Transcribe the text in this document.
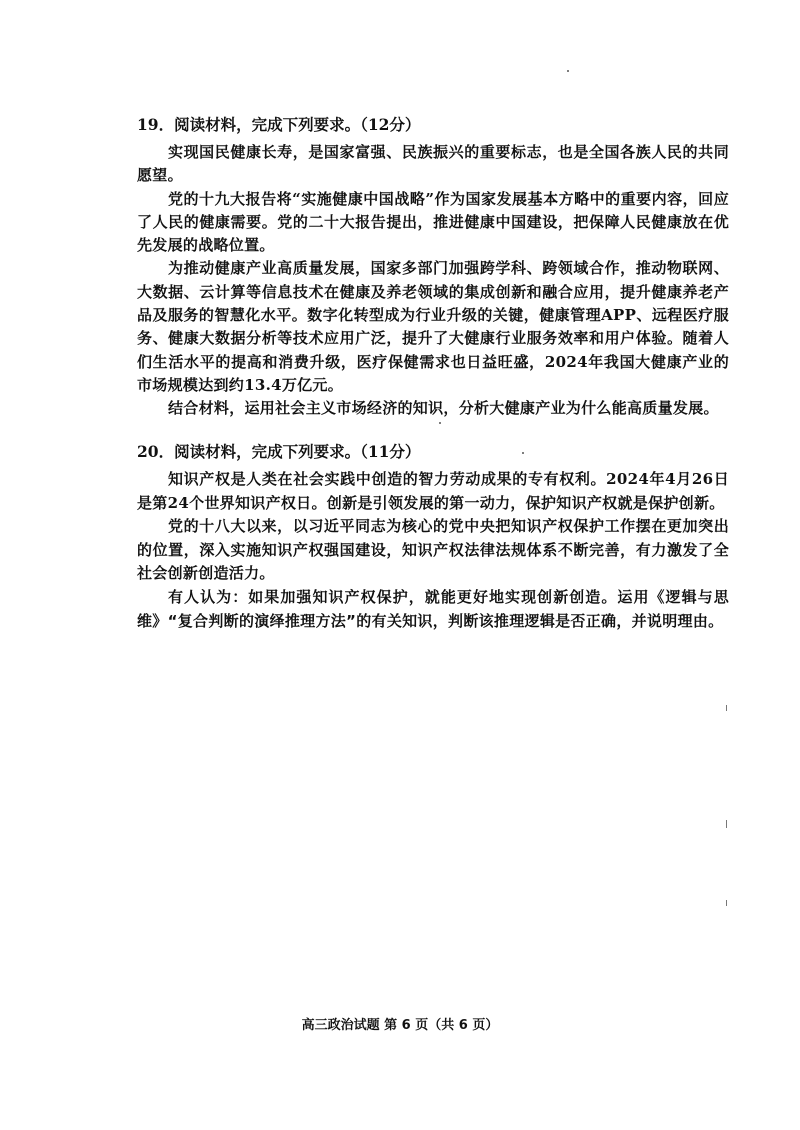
19．阅读材料，完成下列要求。（12分）

实现国民健康长寿，是国家富强、民族振兴的重要标志，也是全国各族人民的共同愿望。

党的十九大报告将“实施健康中国战略”作为国家发展基本方略中的重要内容，回应了人民的健康需要。党的二十大报告提出，推进健康中国建设，把保障人民健康放在优先发展的战略位置。

为推动健康产业高质量发展，国家多部门加强跨学科、跨领域合作，推动物联网、大数据、云计算等信息技术在健康及养老领域的集成创新和融合应用，提升健康养老产品及服务的智慧化水平。数字化转型成为行业升级的关键，健康管理APP、远程医疗服务、健康大数据分析等技术应用广泛，提升了大健康行业服务效率和用户体验。随着人们生活水平的提高和消费升级，医疗保健需求也日益旺盛，2024年我国大健康产业的市场规模达到约13.4万亿元。

结合材料，运用社会主义市场经济的知识，分析大健康产业为什么能高质量发展。

20．阅读材料，完成下列要求。（11分）

知识产权是人类在社会实践中创造的智力劳动成果的专有权利。2024年4月26日是第24个世界知识产权日。创新是引领发展的第一动力，保护知识产权就是保护创新。

党的十八大以来，以习近平同志为核心的党中央把知识产权保护工作摆在更加突出的位置，深入实施知识产权强国建设，知识产权法律法规体系不断完善，有力激发了全社会创新创造活力。

有人认为：如果加强知识产权保护，就能更好地实现创新创造。运用《逻辑与思维》“复合判断的演绎推理方法”的有关知识，判断该推理逻辑是否正确，并说明理由。

高三政治试题 第 6 页（共 6 页）
